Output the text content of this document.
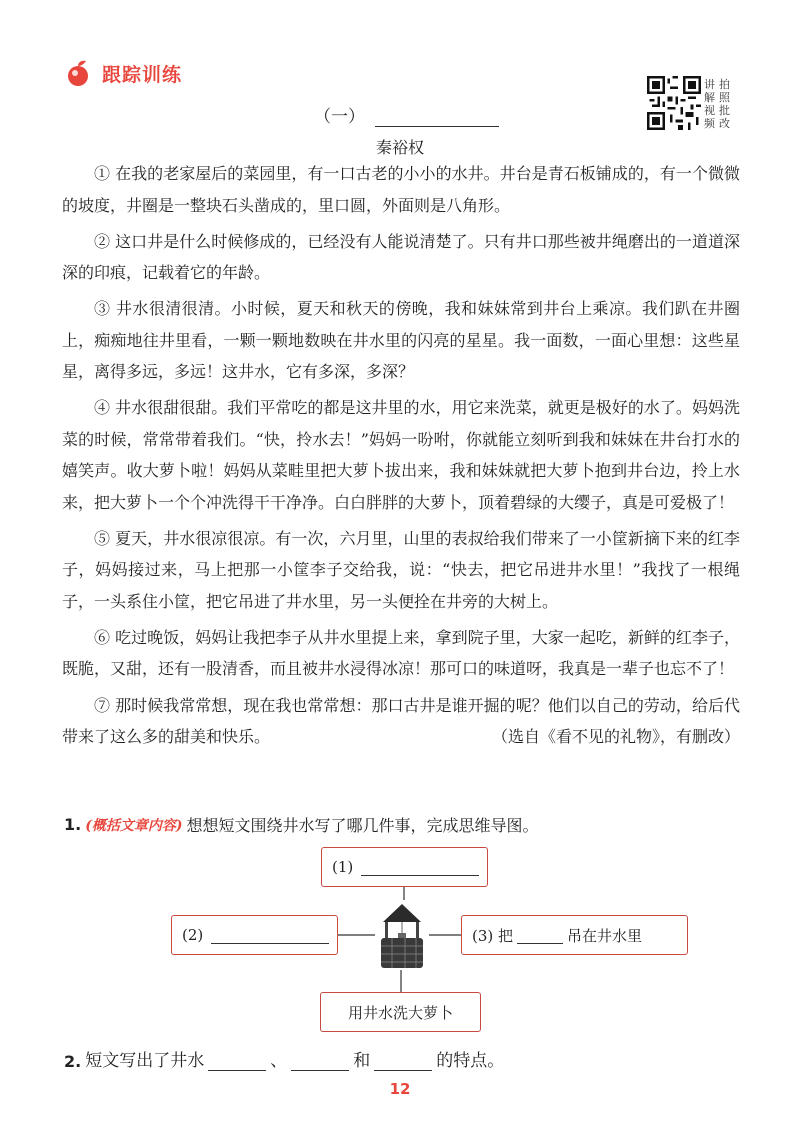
跟踪训练	讲 拍
解 照
视 批
频 改
（一）
秦裕权

① 在我的老家屋后的菜园里，有一口古老的小小的水井。井台是青石板铺成的，有一个微微的坡度，井圈是一整块石头凿成的，里口圆，外面则是八角形。

② 这口井是什么时候修成的，已经没有人能说清楚了。只有井口那些被井绳磨出的一道道深深的印痕，记载着它的年龄。

③ 井水很清很清。小时候，夏天和秋天的傍晚，我和妹妹常到井台上乘凉。我们趴在井圈上，痴痴地往井里看，一颗一颗地数映在井水里的闪亮的星星。我一面数，一面心里想：这些星星，离得多远，多远！这井水，它有多深，多深？

④ 井水很甜很甜。我们平常吃的都是这井里的水，用它来洗菜，就更是极好的水了。妈妈洗菜的时候，常常带着我们。“快，拎水去！”妈妈一吩咐，你就能立刻听到我和妹妹在井台打水的嬉笑声。收大萝卜啦！妈妈从菜畦里把大萝卜拔出来，我和妹妹就把大萝卜抱到井台边，拎上水来，把大萝卜一个个冲洗得干干净净。白白胖胖的大萝卜，顶着碧绿的大缨子，真是可爱极了！

⑤ 夏天，井水很凉很凉。有一次，六月里，山里的表叔给我们带来了一小筐新摘下来的红李子，妈妈接过来，马上把那一小筐李子交给我，说：“快去，把它吊进井水里！”我找了一根绳子，一头系住小筐，把它吊进了井水里，另一头便拴在井旁的大树上。

⑥ 吃过晚饭，妈妈让我把李子从井水里提上来，拿到院子里，大家一起吃，新鲜的红李子，既脆，又甜，还有一股清香，而且被井水浸得冰凉！那可口的味道呀，我真是一辈子也忘不了！

⑦ 那时候我常常想，现在我也常常想：那口古井是谁开掘的呢？他们以自己的劳动，给后代带来了这么多的甜美和快乐。	（选自《看不见的礼物》，有删改）

1. (概括文章内容) 想想短文围绕井水写了哪几件事，完成思维导图。
(1)
(2)	(3) 把	吊在井水里
用井水洗大萝卜
2. 短文写出了井水	、	和	的特点。
12
